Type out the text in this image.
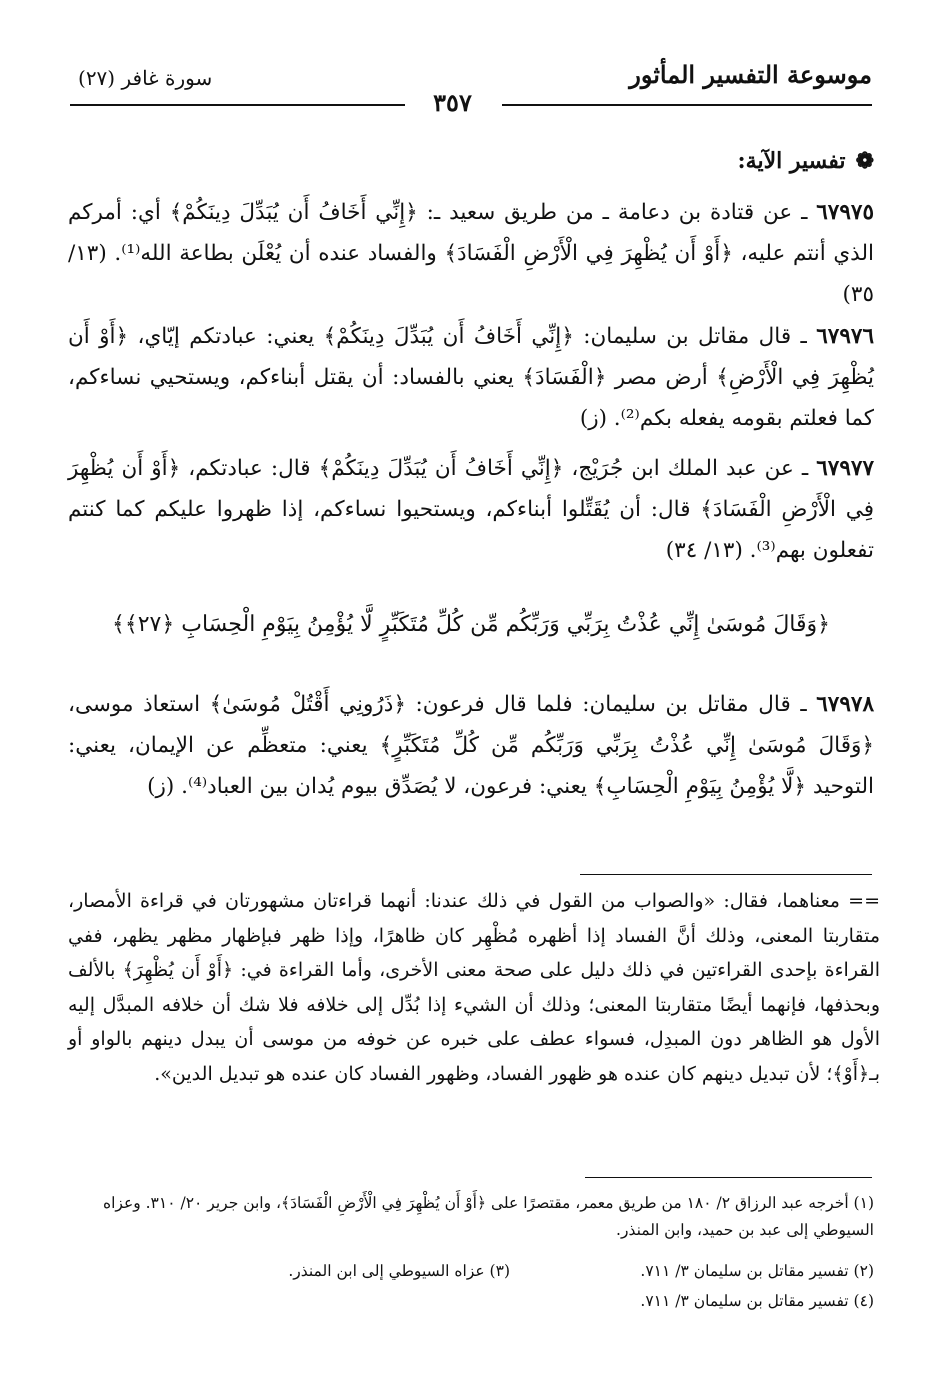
سورة غافر (٢٧)	موسوعة التفسير المأثور
٣٥٧
❁تفسير الآية:
٦٧٩٧٥ ـ عن قتادة بن دعامة ـ من طريق سعيد ـ: ﴿إِنِّي أَخَافُ أَن يُبَدِّلَ دِينَكُمْ﴾ أي: أمركم الذي أنتم عليه، ﴿أَوْ أَن يُظْهِرَ فِي الْأَرْضِ الْفَسَادَ﴾ والفساد عنده أن يُعْلَن بطاعة الله⁽¹⁾. (١٣/ ٣٥)
٦٧٩٧٦ ـ قال مقاتل بن سليمان: ﴿إِنِّي أَخَافُ أَن يُبَدِّلَ دِينَكُمْ﴾ يعني: عبادتكم إيّاي، ﴿أَوْ أَن يُظْهِرَ فِي الْأَرْضِ﴾ أرض مصر ﴿الْفَسَادَ﴾ يعني بالفساد: أن يقتل أبناءكم، ويستحيي نساءكم، كما فعلتم بقومه يفعله بكم⁽²⁾. (ز)
٦٧٩٧٧ ـ عن عبد الملك ابن جُرَيْج، ﴿إِنِّي أَخَافُ أَن يُبَدِّلَ دِينَكُمْ﴾ قال: عبادتكم، ﴿أَوْ أَن يُظْهِرَ فِي الْأَرْضِ الْفَسَادَ﴾ قال: أن يُقَتِّلوا أبناءكم، ويستحيوا نساءكم، إذا ظهروا عليكم كما كنتم تفعلون بهم⁽³⁾. (١٣/ ٣٤)
﴿وَقَالَ مُوسَىٰ إِنِّي عُذْتُ بِرَبِّي وَرَبِّكُم مِّن كُلِّ مُتَكَبِّرٍ لَّا يُؤْمِنُ بِيَوْمِ الْحِسَابِ ﴿٢٧﴾﴾
٦٧٩٧٨ ـ قال مقاتل بن سليمان: فلما قال فرعون: ﴿ذَرُونِي أَقْتُلْ مُوسَىٰ﴾ استعاذ موسى، ﴿وَقَالَ مُوسَىٰ إِنِّي عُذْتُ بِرَبِّي وَرَبِّكُم مِّن كُلِّ مُتَكَبِّرٍ﴾ يعني: متعظِّم عن الإيمان، يعني: التوحيد ﴿لَّا يُؤْمِنُ بِيَوْمِ الْحِسَابِ﴾ يعني: فرعون، لا يُصَدِّق بيوم يُدان بين العباد⁽⁴⁾. (ز)
== معناهما، فقال: «والصواب من القول في ذلك عندنا: أنهما قراءتان مشهورتان في قراءة الأمصار، متقاربتا المعنى، وذلك أنَّ الفساد إذا أظهره مُظْهِر كان ظاهرًا، وإذا ظهر فبإظهار مظهر يظهر، ففي القراءة بإحدى القراءتين في ذلك دليل على صحة معنى الأخرى، وأما القراءة في: ﴿أَوْ أَن يُظْهِرَ﴾ بالألف وبحذفها، فإنهما أيضًا متقاربتا المعنى؛ وذلك أن الشيء إذا بُدِّل إلى خلافه فلا شك أن خلافه المبدَّل إليه الأول هو الظاهر دون المبدِل، فسواء عطف على خبره عن خوفه من موسى أن يبدل دينهم بالواو أو بـ﴿أَوْ﴾؛ لأن تبديل دينهم كان عنده هو ظهور الفساد، وظهور الفساد كان عنده هو تبديل الدين».
(١) أخرجه عبد الرزاق ٢/ ١٨٠ من طريق معمر، مقتصرًا على ﴿أَوْ أَن يُظْهِرَ فِي الْأَرْضِ الْفَسَادَ﴾، وابن جرير ٢٠/ ٣١٠. وعزاه السيوطي إلى عبد بن حميد، وابن المنذر.
(٢) تفسير مقاتل بن سليمان ٣/ ٧١١.
(٣) عزاه السيوطي إلى ابن المنذر.
(٤) تفسير مقاتل بن سليمان ٣/ ٧١١.
